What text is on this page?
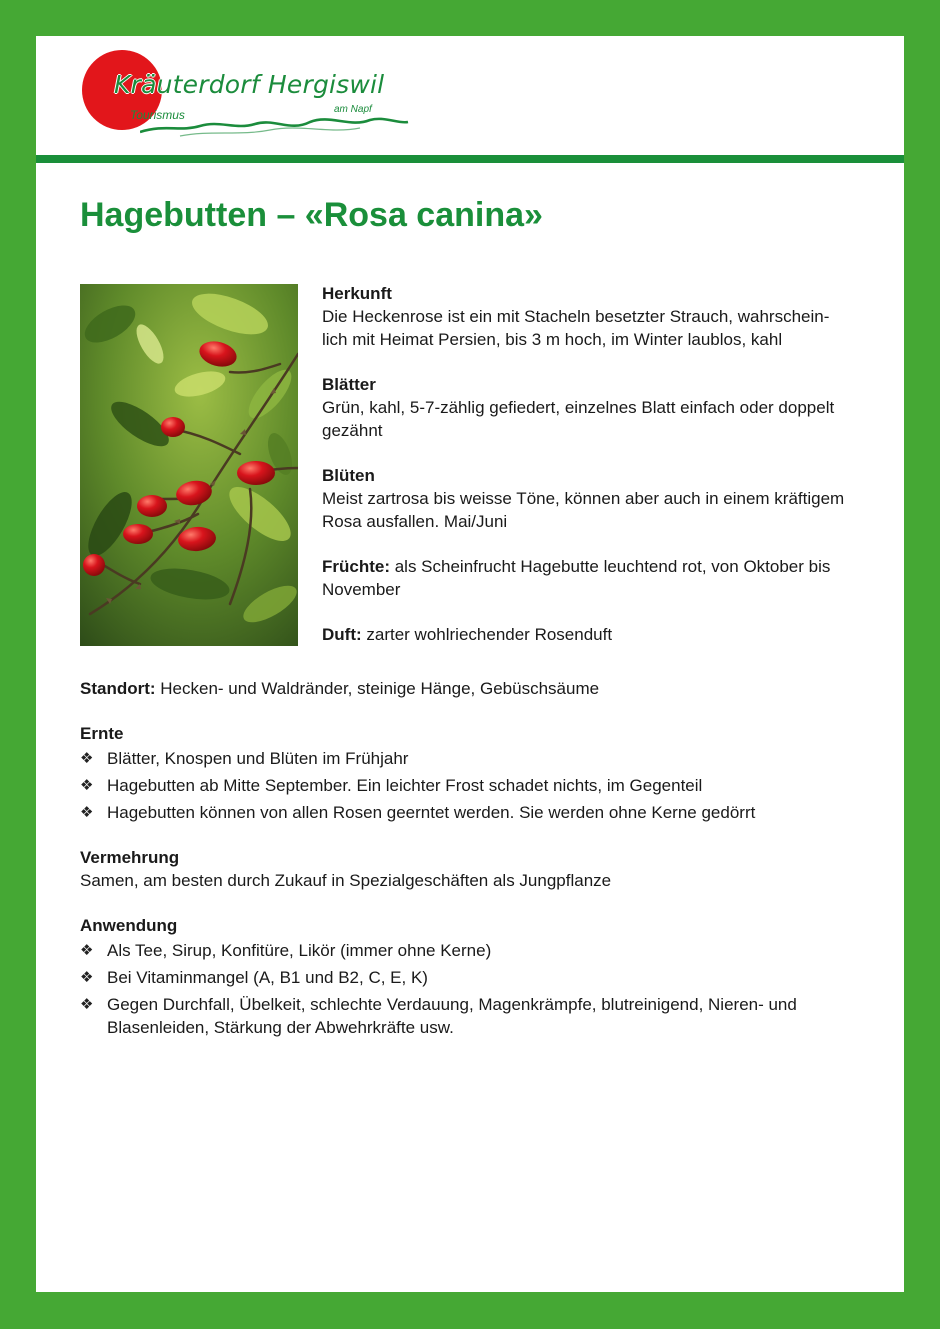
Kräuterdorf Hergiswil
Tourismus	am Napf
Hagebutten – «Rosa canina»
Herkunft
Die Heckenrose ist ein mit Stacheln besetzter Strauch, wahrschein-
lich mit Heimat Persien, bis 3 m hoch, im Winter laublos, kahl
Blätter
Grün, kahl, 5-7-zählig gefiedert, einzelnes Blatt einfach oder doppelt gezähnt
Blüten
Meist zartrosa bis weisse Töne, können aber auch in einem kräftigem Rosa ausfallen. Mai/Juni
Früchte: als Scheinfrucht Hagebutte leuchtend rot, von Oktober bis November
Duft: zarter wohlriechender Rosenduft
Standort: Hecken- und Waldränder, steinige Hänge, Gebüschsäume
Ernte
❖ Blätter, Knospen und Blüten im Frühjahr
❖ Hagebutten ab Mitte September. Ein leichter Frost schadet nichts, im Gegenteil
❖ Hagebutten können von allen Rosen geerntet werden. Sie werden ohne Kerne gedörrt
Vermehrung
Samen, am besten durch Zukauf in Spezialgeschäften als Jungpflanze
Anwendung
❖ Als Tee, Sirup, Konfitüre, Likör (immer ohne Kerne)
❖ Bei Vitaminmangel (A, B1 und B2, C, E, K)
❖ Gegen Durchfall, Übelkeit, schlechte Verdauung, Magenkrämpfe, blutreinigend, Nieren- und Blasenleiden, Stärkung der Abwehrkräfte usw.
